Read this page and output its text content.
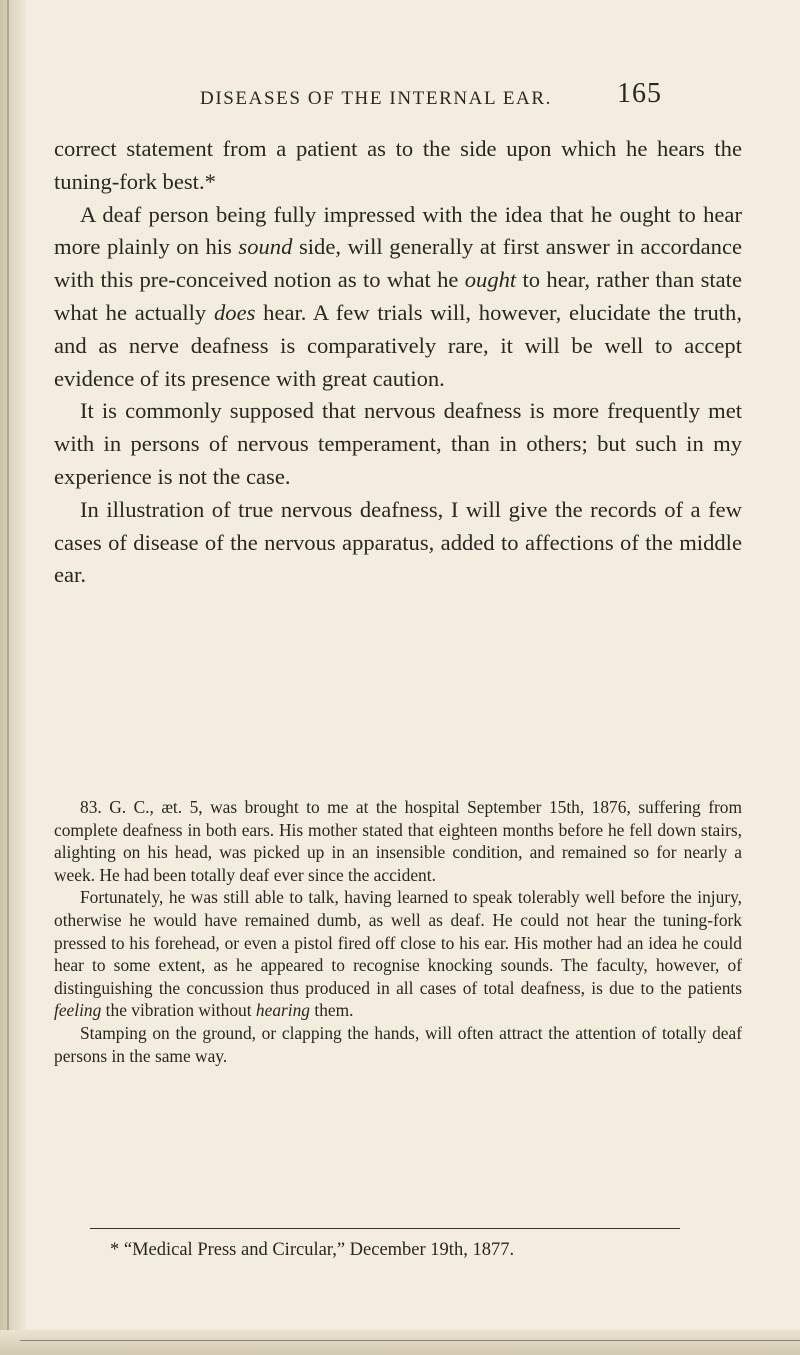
DISEASES OF THE INTERNAL EAR. 165

correct statement from a patient as to the side upon which he hears the tuning-fork best.*

A deaf person being fully impressed with the idea that he ought to hear more plainly on his sound side, will generally at first answer in accordance with this pre-conceived notion as to what he ought to hear, rather than state what he actually does hear. A few trials will, however, elucidate the truth, and as nerve deafness is comparatively rare, it will be well to accept evidence of its presence with great caution.

It is commonly supposed that nervous deafness is more frequently met with in persons of nervous temperament, than in others; but such in my experience is not the case.

In illustration of true nervous deafness, I will give the records of a few cases of disease of the nervous apparatus, added to affections of the middle ear.

83. G. C., æt. 5, was brought to me at the hospital September 15th, 1876, suffering from complete deafness in both ears. His mother stated that eighteen months before he fell down stairs, alighting on his head, was picked up in an insensible condition, and remained so for nearly a week. He had been totally deaf ever since the accident.

Fortunately, he was still able to talk, having learned to speak tolerably well before the injury, otherwise he would have remained dumb, as well as deaf. He could not hear the tuning-fork pressed to his forehead, or even a pistol fired off close to his ear. His mother had an idea he could hear to some extent, as he appeared to recognise knocking sounds. The faculty, however, of distinguishing the concussion thus produced in all cases of total deafness, is due to the patients feeling the vibration without hearing them.

Stamping on the ground, or clapping the hands, will often attract the attention of totally deaf persons in the same way.

* “Medical Press and Circular,” December 19th, 1877.
